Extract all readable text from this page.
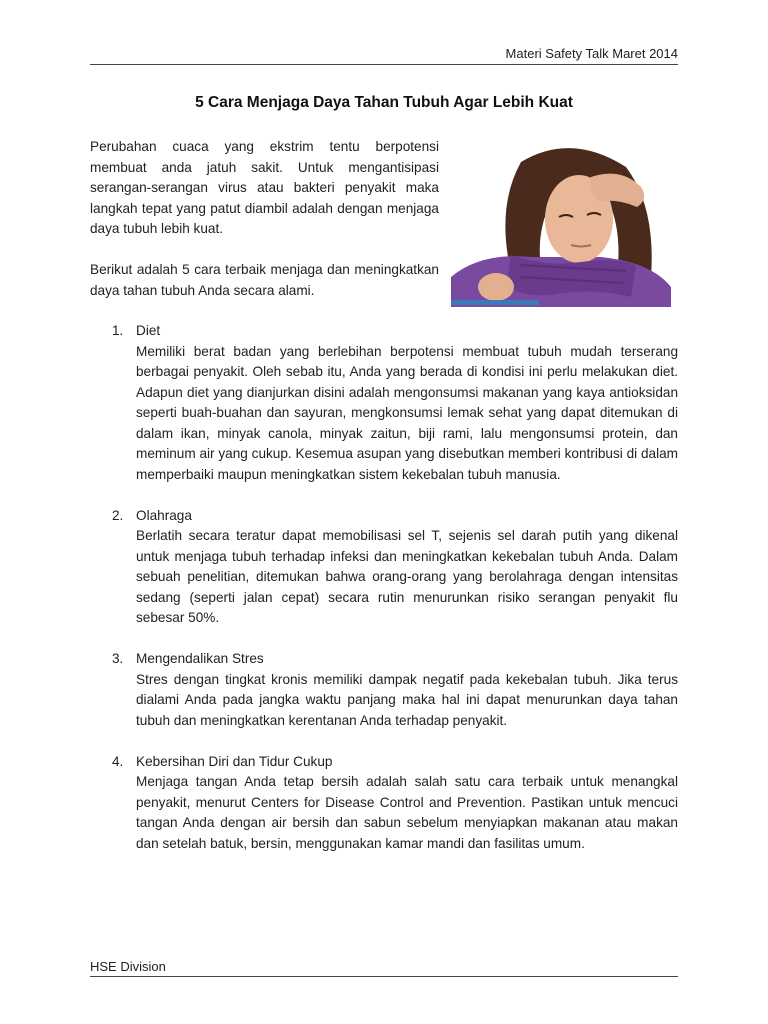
Materi Safety Talk Maret 2014
5 Cara Menjaga Daya Tahan Tubuh Agar Lebih Kuat

Perubahan cuaca yang ekstrim tentu berpotensi membuat anda jatuh sakit. Untuk mengantisipasi serangan-serangan virus atau bakteri penyakit maka langkah tepat yang patut diambil adalah dengan menjaga daya tubuh lebih kuat.

Berikut adalah 5 cara terbaik menjaga dan meningkatkan daya tahan tubuh Anda secara alami.

1. Diet
Memiliki berat badan yang berlebihan berpotensi membuat tubuh mudah terserang berbagai penyakit. Oleh sebab itu, Anda yang berada di kondisi ini perlu melakukan diet. Adapun diet yang dianjurkan disini adalah mengonsumsi makanan yang kaya antioksidan seperti buah-buahan dan sayuran, mengkonsumsi lemak sehat yang dapat ditemukan di dalam ikan, minyak canola, minyak zaitun, biji rami, lalu mengonsumsi protein, dan meminum air yang cukup. Kesemua asupan yang disebutkan memberi kontribusi di dalam memperbaiki maupun meningkatkan sistem kekebalan tubuh manusia.
2. Olahraga
Berlatih secara teratur dapat memobilisasi sel T, sejenis sel darah putih yang dikenal untuk menjaga tubuh terhadap infeksi dan meningkatkan kekebalan tubuh Anda. Dalam sebuah penelitian, ditemukan bahwa orang-orang yang berolahraga dengan intensitas sedang (seperti jalan cepat) secara rutin menurunkan risiko serangan penyakit flu sebesar 50%.
3. Mengendalikan Stres
Stres dengan tingkat kronis memiliki dampak negatif pada kekebalan tubuh. Jika terus dialami Anda pada jangka waktu panjang maka hal ini dapat menurunkan daya tahan tubuh dan meningkatkan kerentanan Anda terhadap penyakit.
4. Kebersihan Diri dan Tidur Cukup
Menjaga tangan Anda tetap bersih adalah salah satu cara terbaik untuk menangkal penyakit, menurut Centers for Disease Control and Prevention. Pastikan untuk mencuci tangan Anda dengan air bersih dan sabun sebelum menyiapkan makanan atau makan dan setelah batuk, bersin, menggunakan kamar mandi dan fasilitas umum.
HSE Division
